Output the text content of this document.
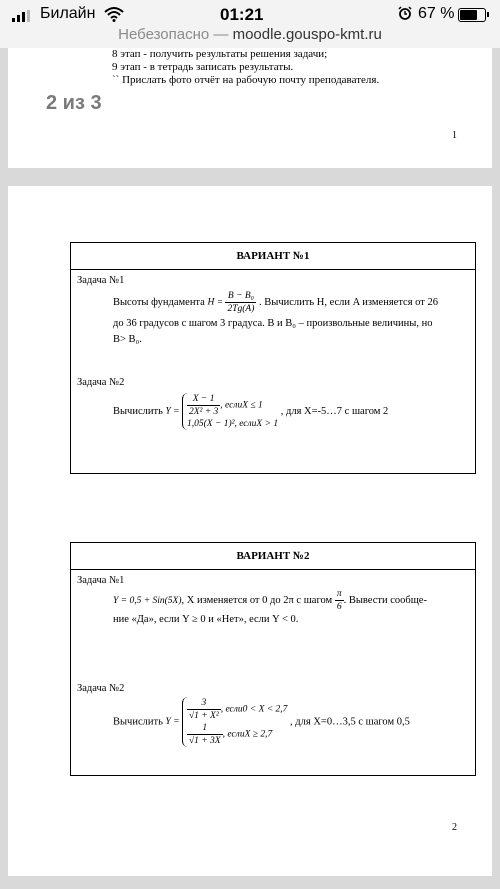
Билайн	01:21	67 %
Небезопасно — moodle.gouspo-kmt.ru
8 этап - получить результаты решения задачи;
9 этап - в тетрадь записать результаты.
`` Прислать фото отчёт на рабочую почту преподавателя.
2 из 3
1
ВАРИАНТ №1
Задача №1
Высоты фундамента $H = \frac{\text{B − B₀}}{2Tg(A)}$ . Вычислить H, если A изменяется от 26
до 36 градусов с шагом 3 градуса. B и B₀ – произвольные величины, но
B> B₀.
Задача №2
Вычислить $Y = \frac{X - 1}{\text{2X² + 3}}$ , еслиX ≤ 1
1,05(X − 1)², еслиX > 1
, для X=-5…7 с шагом 2
ВАРИАНТ №2
Задача №1
Y = 0,5 + Sin(5X), X изменяется от 0 до 2π с шагом $\frac{\pi}{6}$ . Вывести сообще-
ние «Да», если Y ≥ 0 и «Нет», если Y < 0.
Задача №2
Вычислить $Y = \frac{3}{\text{√1 + X²}}$ , если0 < X < 2,7
$\frac{1}{√1 + 3X}$ , еслиX ≥ 2,7
, для X=0…3,5 с шагом 0,5
2
